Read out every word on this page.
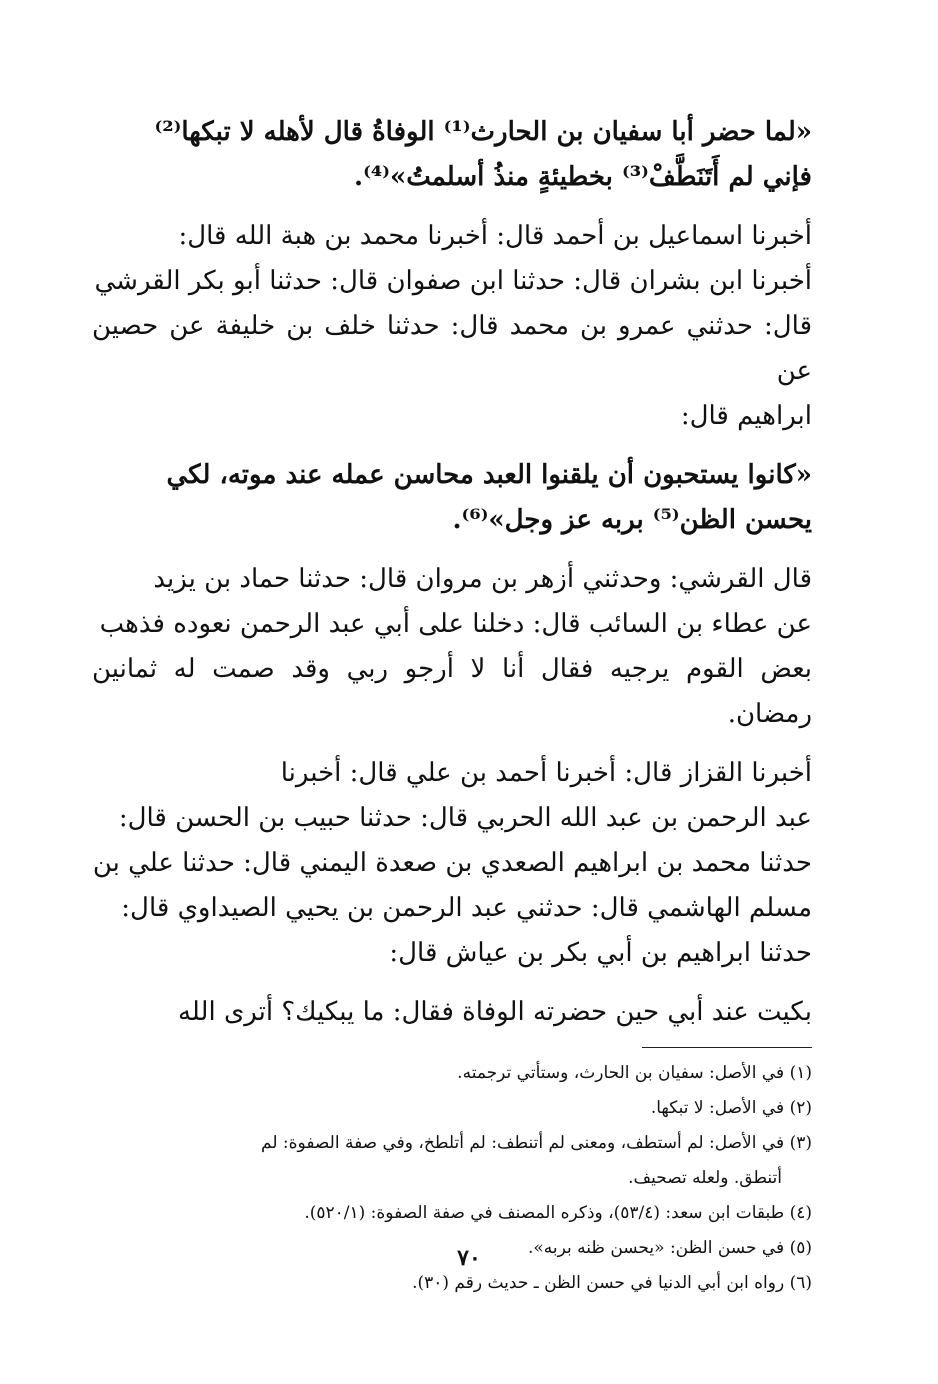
«لما حضر أبا سفيان بن الحارث⁽¹⁾ الوفاةُ قال لأهله لا تبكها⁽²⁾

فإني لم أَتَنَطَّفْ⁽³⁾ بخطيئةٍ منذُ أسلمتُ»⁽⁴⁾.

أخبرنا اسماعيل بن أحمد قال: أخبرنا محمد بن هبة الله قال:

أخبرنا ابن بشران قال: حدثنا ابن صفوان قال: حدثنا أبو بكر القرشي

قال: حدثني عمرو بن محمد قال: حدثنا خلف بن خليفة عن حصين عن

ابراهيم قال:

«كانوا يستحبون أن يلقنوا العبد محاسن عمله عند موته، لكي

يحسن الظن⁽⁵⁾ بربه عز وجل»⁽⁶⁾.

قال القرشي: وحدثني أزهر بن مروان قال: حدثنا حماد بن يزيد

عن عطاء بن السائب قال: دخلنا على أبي عبد الرحمن نعوده فذهب

بعض القوم يرجيه فقال أنا لا أرجو ربي وقد صمت له ثمانين رمضان.

أخبرنا القزاز قال: أخبرنا أحمد بن علي قال: أخبرنا

عبد الرحمن بن عبد الله الحربي قال: حدثنا حبيب بن الحسن قال:

حدثنا محمد بن ابراهيم الصعدي بن صعدة اليمني قال: حدثنا علي بن

مسلم الهاشمي قال: حدثني عبد الرحمن بن يحيي الصيداوي قال:

حدثنا ابراهيم بن أبي بكر بن عياش قال:

بكيت عند أبي حين حضرته الوفاة فقال: ما يبكيك؟ أترى الله

(١) في الأصل: سفيان بن الحارث، وستأتي ترجمته.

(٢) في الأصل: لا تبكها.

(٣) في الأصل: لم أستطف، ومعنى لم أتنطف: لم أتلطخ، وفي صفة الصفوة: لم

أتنطق. ولعله تصحيف.

(٤) طبقات ابن سعد: (٥٣/٤)، وذكره المصنف في صفة الصفوة: (٥٢٠/١).

(٥) في حسن الظن: «يحسن ظنه بربه».

(٦) رواه ابن أبي الدنيا في حسن الظن ـ حديث رقم (٣٠).

٧٠
